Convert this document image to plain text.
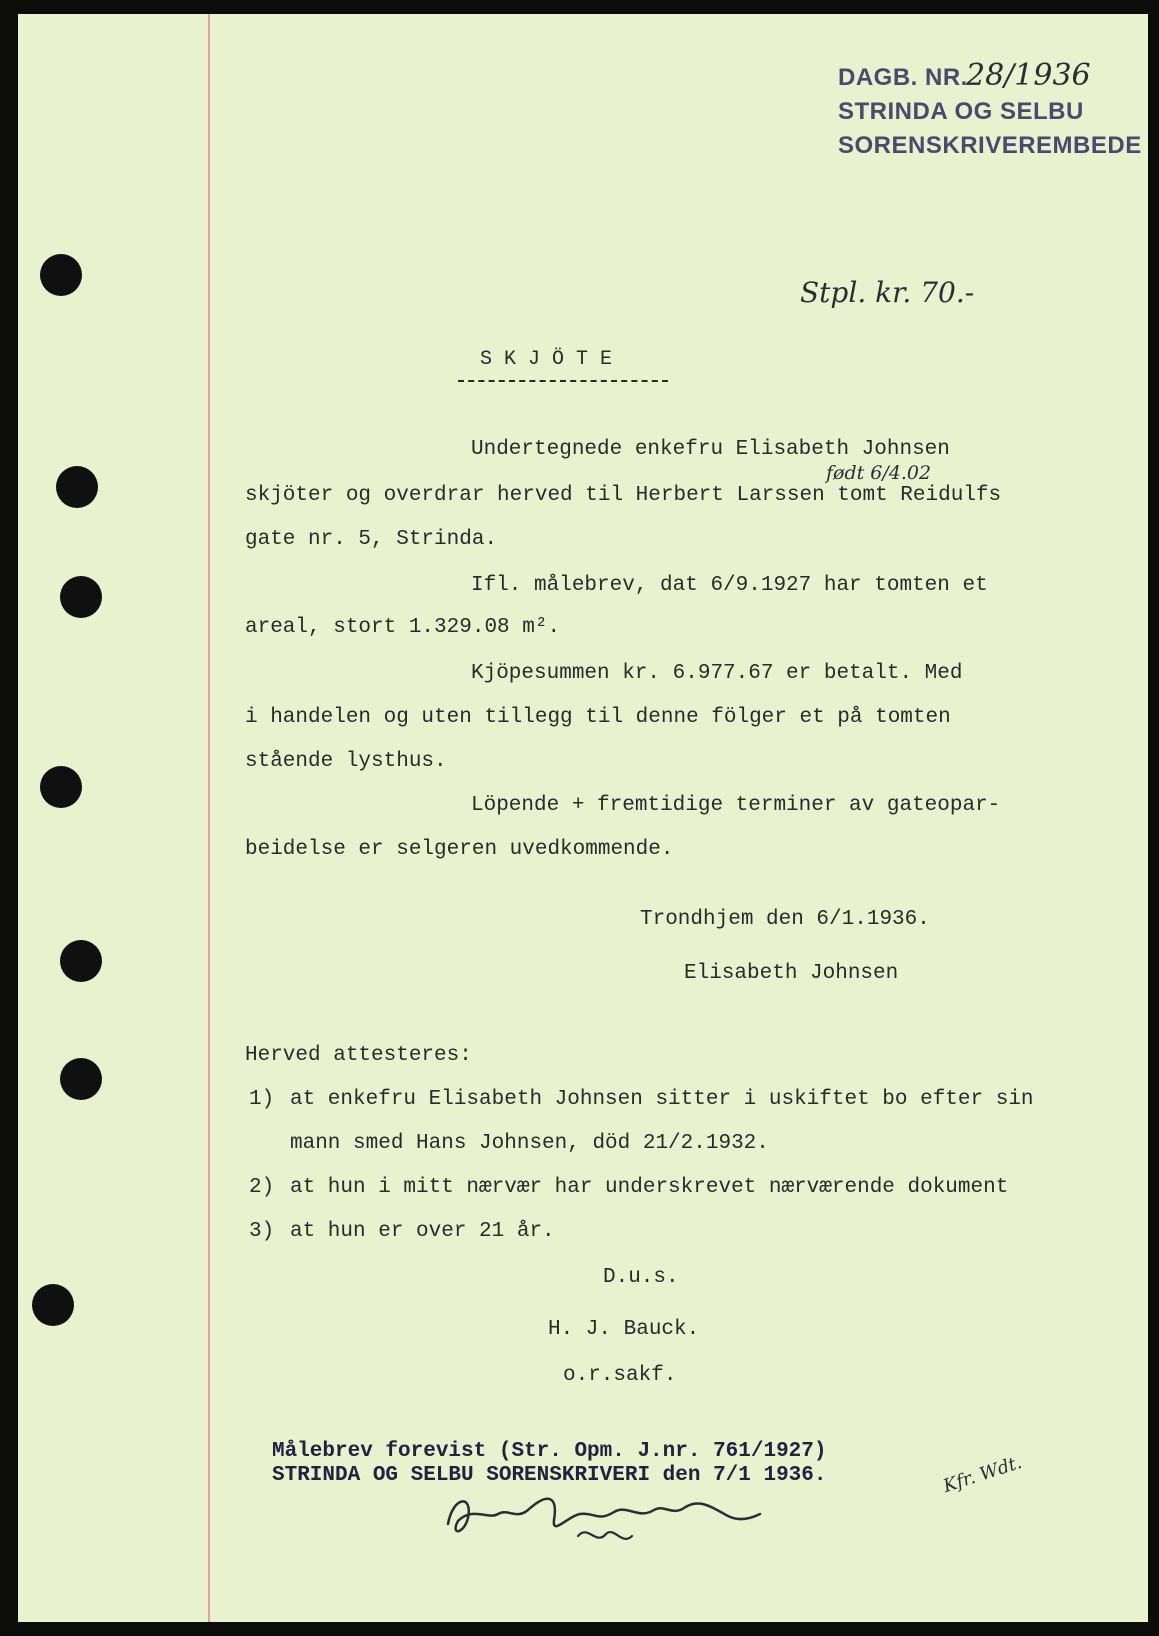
DAGB. NR.
28/1936
STRINDA OG SELBU
SORENSKRIVEREMBEDE
Stpl. kr. 70.-
S K J Ö T E
Undertegnede enkefru Elisabeth Johnsen
født 6/4.02
skjöter og overdrar herved til Herbert Larssen tomt Reidulfs
gate nr. 5, Strinda.
Ifl. målebrev, dat 6/9.1927 har tomten et
areal, stort 1.329.08 m².
Kjöpesummen kr. 6.977.67 er betalt. Med
i handelen og uten tillegg til denne fölger et på tomten
stående lysthus.
Löpende + fremtidige terminer av gateopar-
beidelse er selgeren uvedkommende.
Trondhjem den 6/1.1936.
Elisabeth Johnsen
Herved attesteres:
1) at enkefru Elisabeth Johnsen sitter i uskiftet bo efter sin
mann smed Hans Johnsen, död 21/2.1932.
2) at hun i mitt nærvær har underskrevet nærværende dokument
3) at hun er over 21 år.
D.u.s.
H. J. Bauck.
o.r.sakf.
Målebrev forevist (Str. Opm. J.nr. 761/1927)
STRINDA OG SELBU SORENSKRIVERI den 7/1 1936.	Kfr. Wdt.
